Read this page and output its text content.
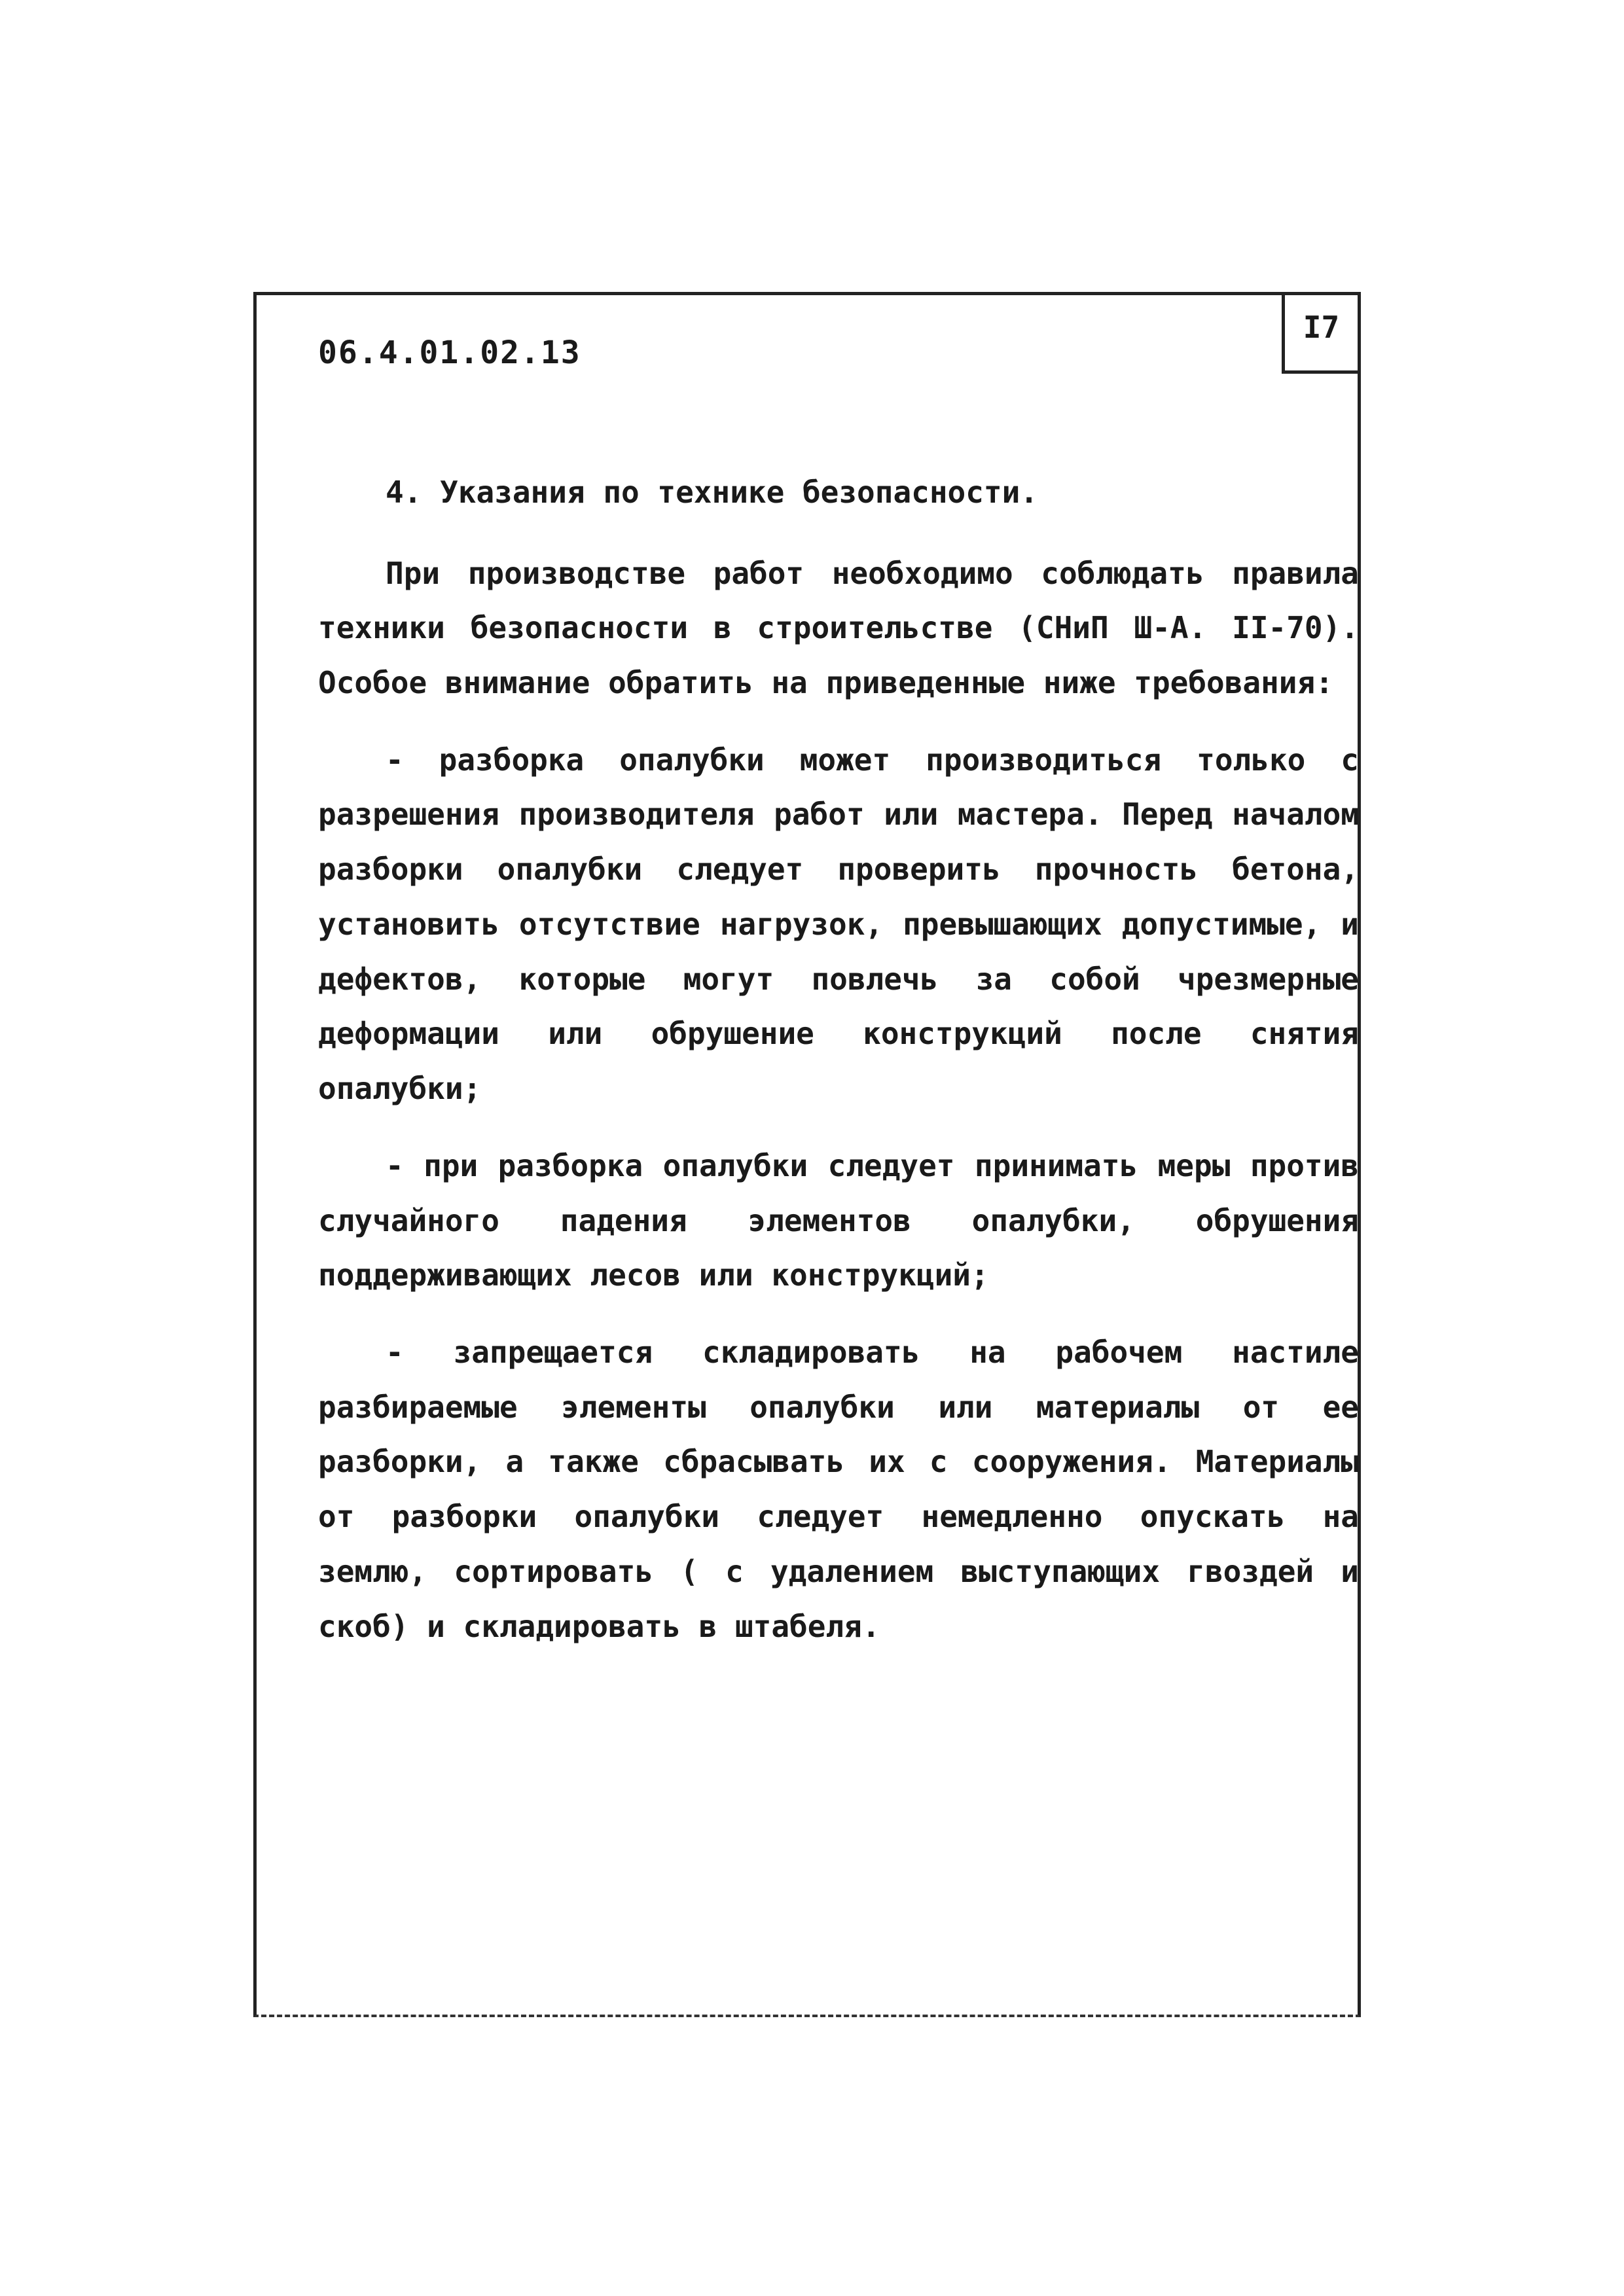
I7
06.4.01.02.13

4. Указания по технике безопасности.

При производстве работ необходимо соблюдать правила техники безопасности в строительстве (СНиП Ш-А. II-70). Особое внимание обратить на приведенные ниже требования:

- разборка опалубки может производиться только с разрешения производителя работ или мастера. Перед началом разборки опалубки следует проверить прочность бетона, установить отсутствие нагрузок, превышающих допустимые, и дефектов, которые могут повлечь за собой чрезмерные деформации или обрушение конструкций после снятия опалубки;

- при разборка опалубки следует принимать меры против случайного падения элементов опалубки, обрушения поддерживающих лесов или конструкций;

- запрещается складировать на рабочем настиле разбираемые элементы опалубки или материалы от ее разборки, а также сбрасывать их с сооружения. Материалы от разборки опалубки следует немедленно опускать на землю, сортировать ( с удалением выступающих гвоздей и скоб) и складировать в штабеля.
